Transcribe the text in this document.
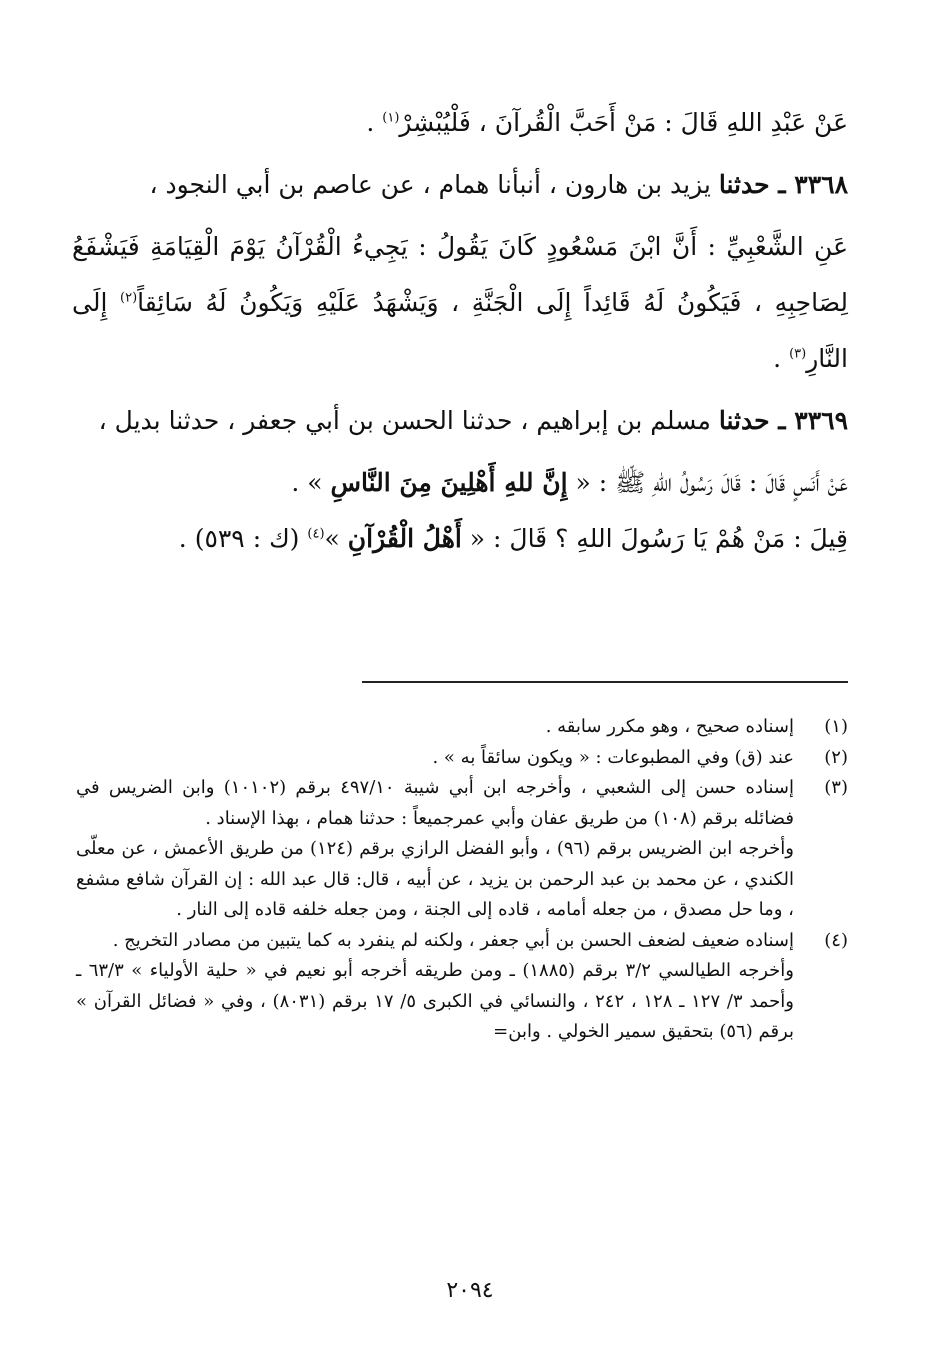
عَنْ عَبْدِ اللهِ قَالَ : مَنْ أَحَبَّ الْقُرآنَ ، فَلْيُبْشِرْ$^{(١)}$ .

٣٣٦٨ ـ حدثنا يزيد بن هارون ، أنبأنا همام ، عن عاصم بن أبي النجود ،

عَنِ الشَّعْبِيِّ : أَنَّ ابْنَ مَسْعُودٍ كَانَ يَقُولُ : يَجِيءُ الْقُرْآنُ يَوْمَ الْقِيَامَةِ فَيَشْفَعُ لِصَاحِبِهِ ، فَيَكُونُ لَهُ قَائِداً إِلَى الْجَنَّةِ ، وَيَشْهَدُ عَلَيْهِ وَيَكُونُ لَهُ سَائِقاً$^{(٢)}$ إِلَى النَّارِ$^{(٣)}$ .

٣٣٦٩ ـ حدثنا مسلم بن إبراهيم ، حدثنا الحسن بن أبي جعفر ، حدثنا بديل ،

عَنْ أَنَسٍ قَالَ : قَالَ رَسُولُ اللهِ ﷺ : « إِنَّ للهِ أَهْلِينَ مِنَ النَّاسِ » .

قِيلَ : مَنْ هُمْ يَا رَسُولَ اللهِ ؟ قَالَ : « أَهْلُ الْقُرْآنِ »$^{(٤)}$ (ك : ٥٣٩) .

(١)
إسناده صحيح ، وهو مكرر سابقه .
(٢)
عند (ق) وفي المطبوعات : « ويكون سائقاً به » .
(٣)
إسناده حسن إلى الشعبي ، وأخرجه ابن أبي شيبة ٤٩٧/١٠ برقم (١٠١٠٢) وابن الضريس في فضائله برقم (١٠٨) من طريق عفان وأبي عمرجميعاً : حدثنا همام ، بهذا الإسناد .
وأخرجه ابن الضريس برقم (٩٦) ، وأبو الفضل الرازي برقم (١٢٤) من طريق الأعمش ، عن معلّى الكندي ، عن محمد بن عبد الرحمن بن يزيد ، عن أبيه ، قال: قال عبد الله : إن القرآن شافع مشفع ، وما حل مصدق ، من جعله أمامه ، قاده إلى الجنة ، ومن جعله خلفه قاده إلى النار .
(٤)
إسناده ضعيف لضعف الحسن بن أبي جعفر ، ولكنه لم ينفرد به كما يتبين من مصادر التخريج .
وأخرجه الطيالسي ٣/٢ برقم (١٨٨٥) ـ ومن طريقه أخرجه أبو نعيم في « حلية الأولياء » ٦٣/٣ ـ وأحمد ٣/ ١٢٧ ـ ١٢٨ ، ٢٤٢ ، والنسائي في الكبرى ٥/ ١٧ برقم (٨٠٣١) ، وفي « فضائل القرآن » برقم (٥٦) بتحقيق سمير الخولي . وابن=
٢٠٩٤
